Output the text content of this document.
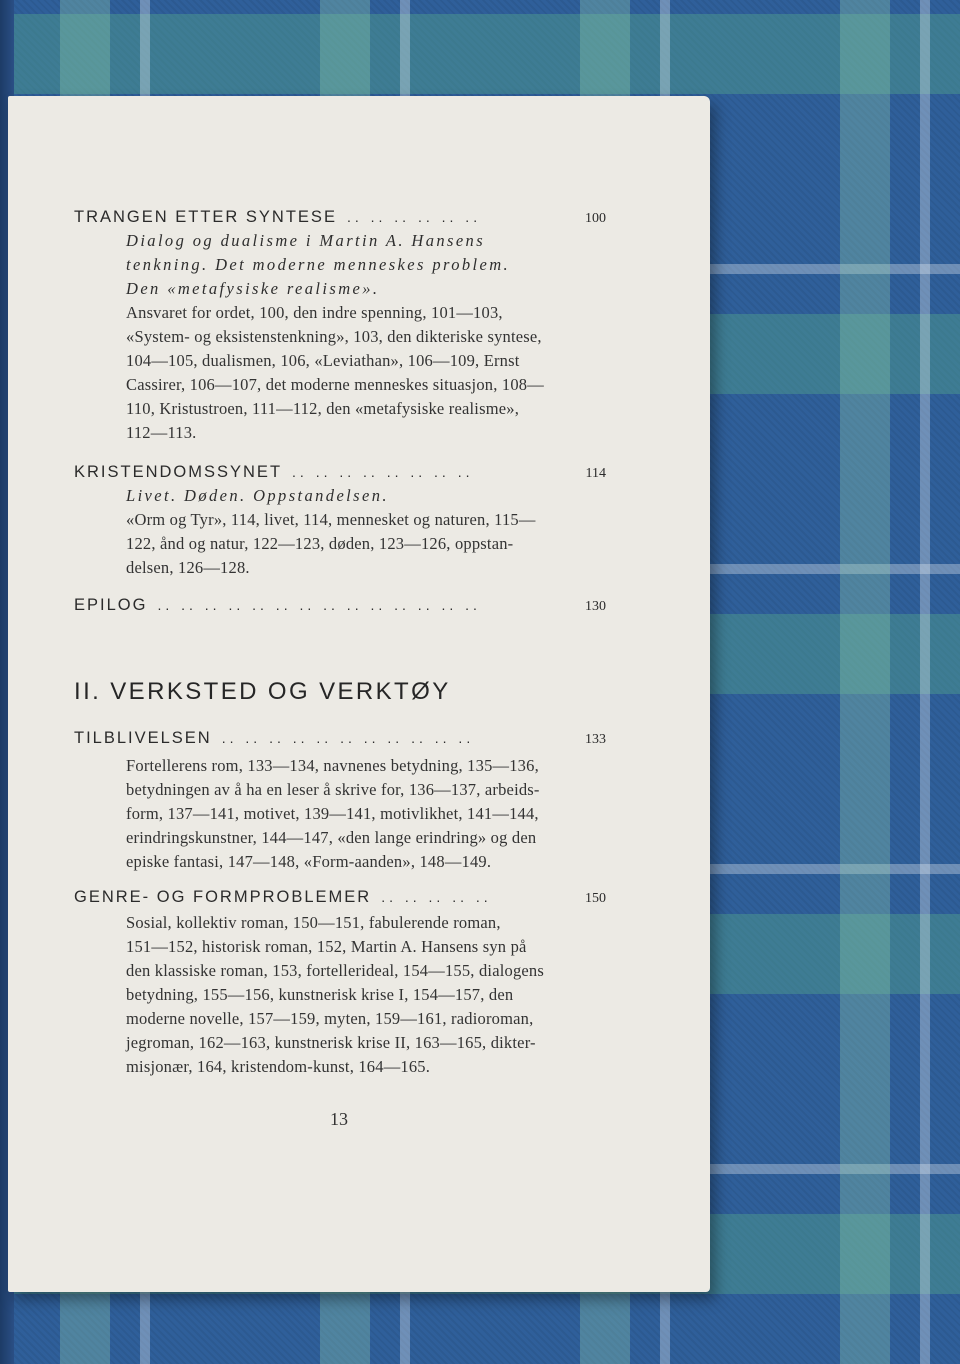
TRANGEN ETTER SYNTESE .. .. .. .. .. ..	100
Dialog og dualisme i Martin A. Hansens
tenkning. Det moderne menneskes problem.
Den «metafysiske realisme».
Ansvaret for ordet, 100, den indre spenning, 101—103,
«System- og eksistenstenkning», 103, den dikteriske syntese,
104—105, dualismen, 106, «Leviathan», 106—109, Ernst
Cassirer, 106—107, det moderne menneskes situasjon, 108—
110, Kristustroen, 111—112, den «metafysiske realisme»,
112—113.
KRISTENDOMSSYNET .. .. .. .. .. .. .. ..	114
Livet. Døden. Oppstandelsen.
«Orm og Tyr», 114, livet, 114, mennesket og naturen, 115—
122, ånd og natur, 122—123, døden, 123—126, oppstan-
delsen, 126—128.
EPILOG .. .. .. .. .. .. .. .. .. .. .. .. .. ..	130
II. VERKSTED OG VERKTØY
TILBLIVELSEN .. .. .. .. .. .. .. .. .. .. ..	133
Fortellerens rom, 133—134, navnenes betydning, 135—136,
betydningen av å ha en leser å skrive for, 136—137, arbeids-
form, 137—141, motivet, 139—141, motivlikhet, 141—144,
erindringskunstner, 144—147, «den lange erindring» og den
episke fantasi, 147—148, «Form-aanden», 148—149.
GENRE- OG FORMPROBLEMER .. .. .. .. ..	150
Sosial, kollektiv roman, 150—151, fabulerende roman,
151—152, historisk roman, 152, Martin A. Hansens syn på
den klassiske roman, 153, fortellerideal, 154—155, dialogens
betydning, 155—156, kunstnerisk krise I, 154—157, den
moderne novelle, 157—159, myten, 159—161, radioroman,
jegroman, 162—163, kunstnerisk krise II, 163—165, dikter-
misjonær, 164, kristendom-kunst, 164—165.
13
